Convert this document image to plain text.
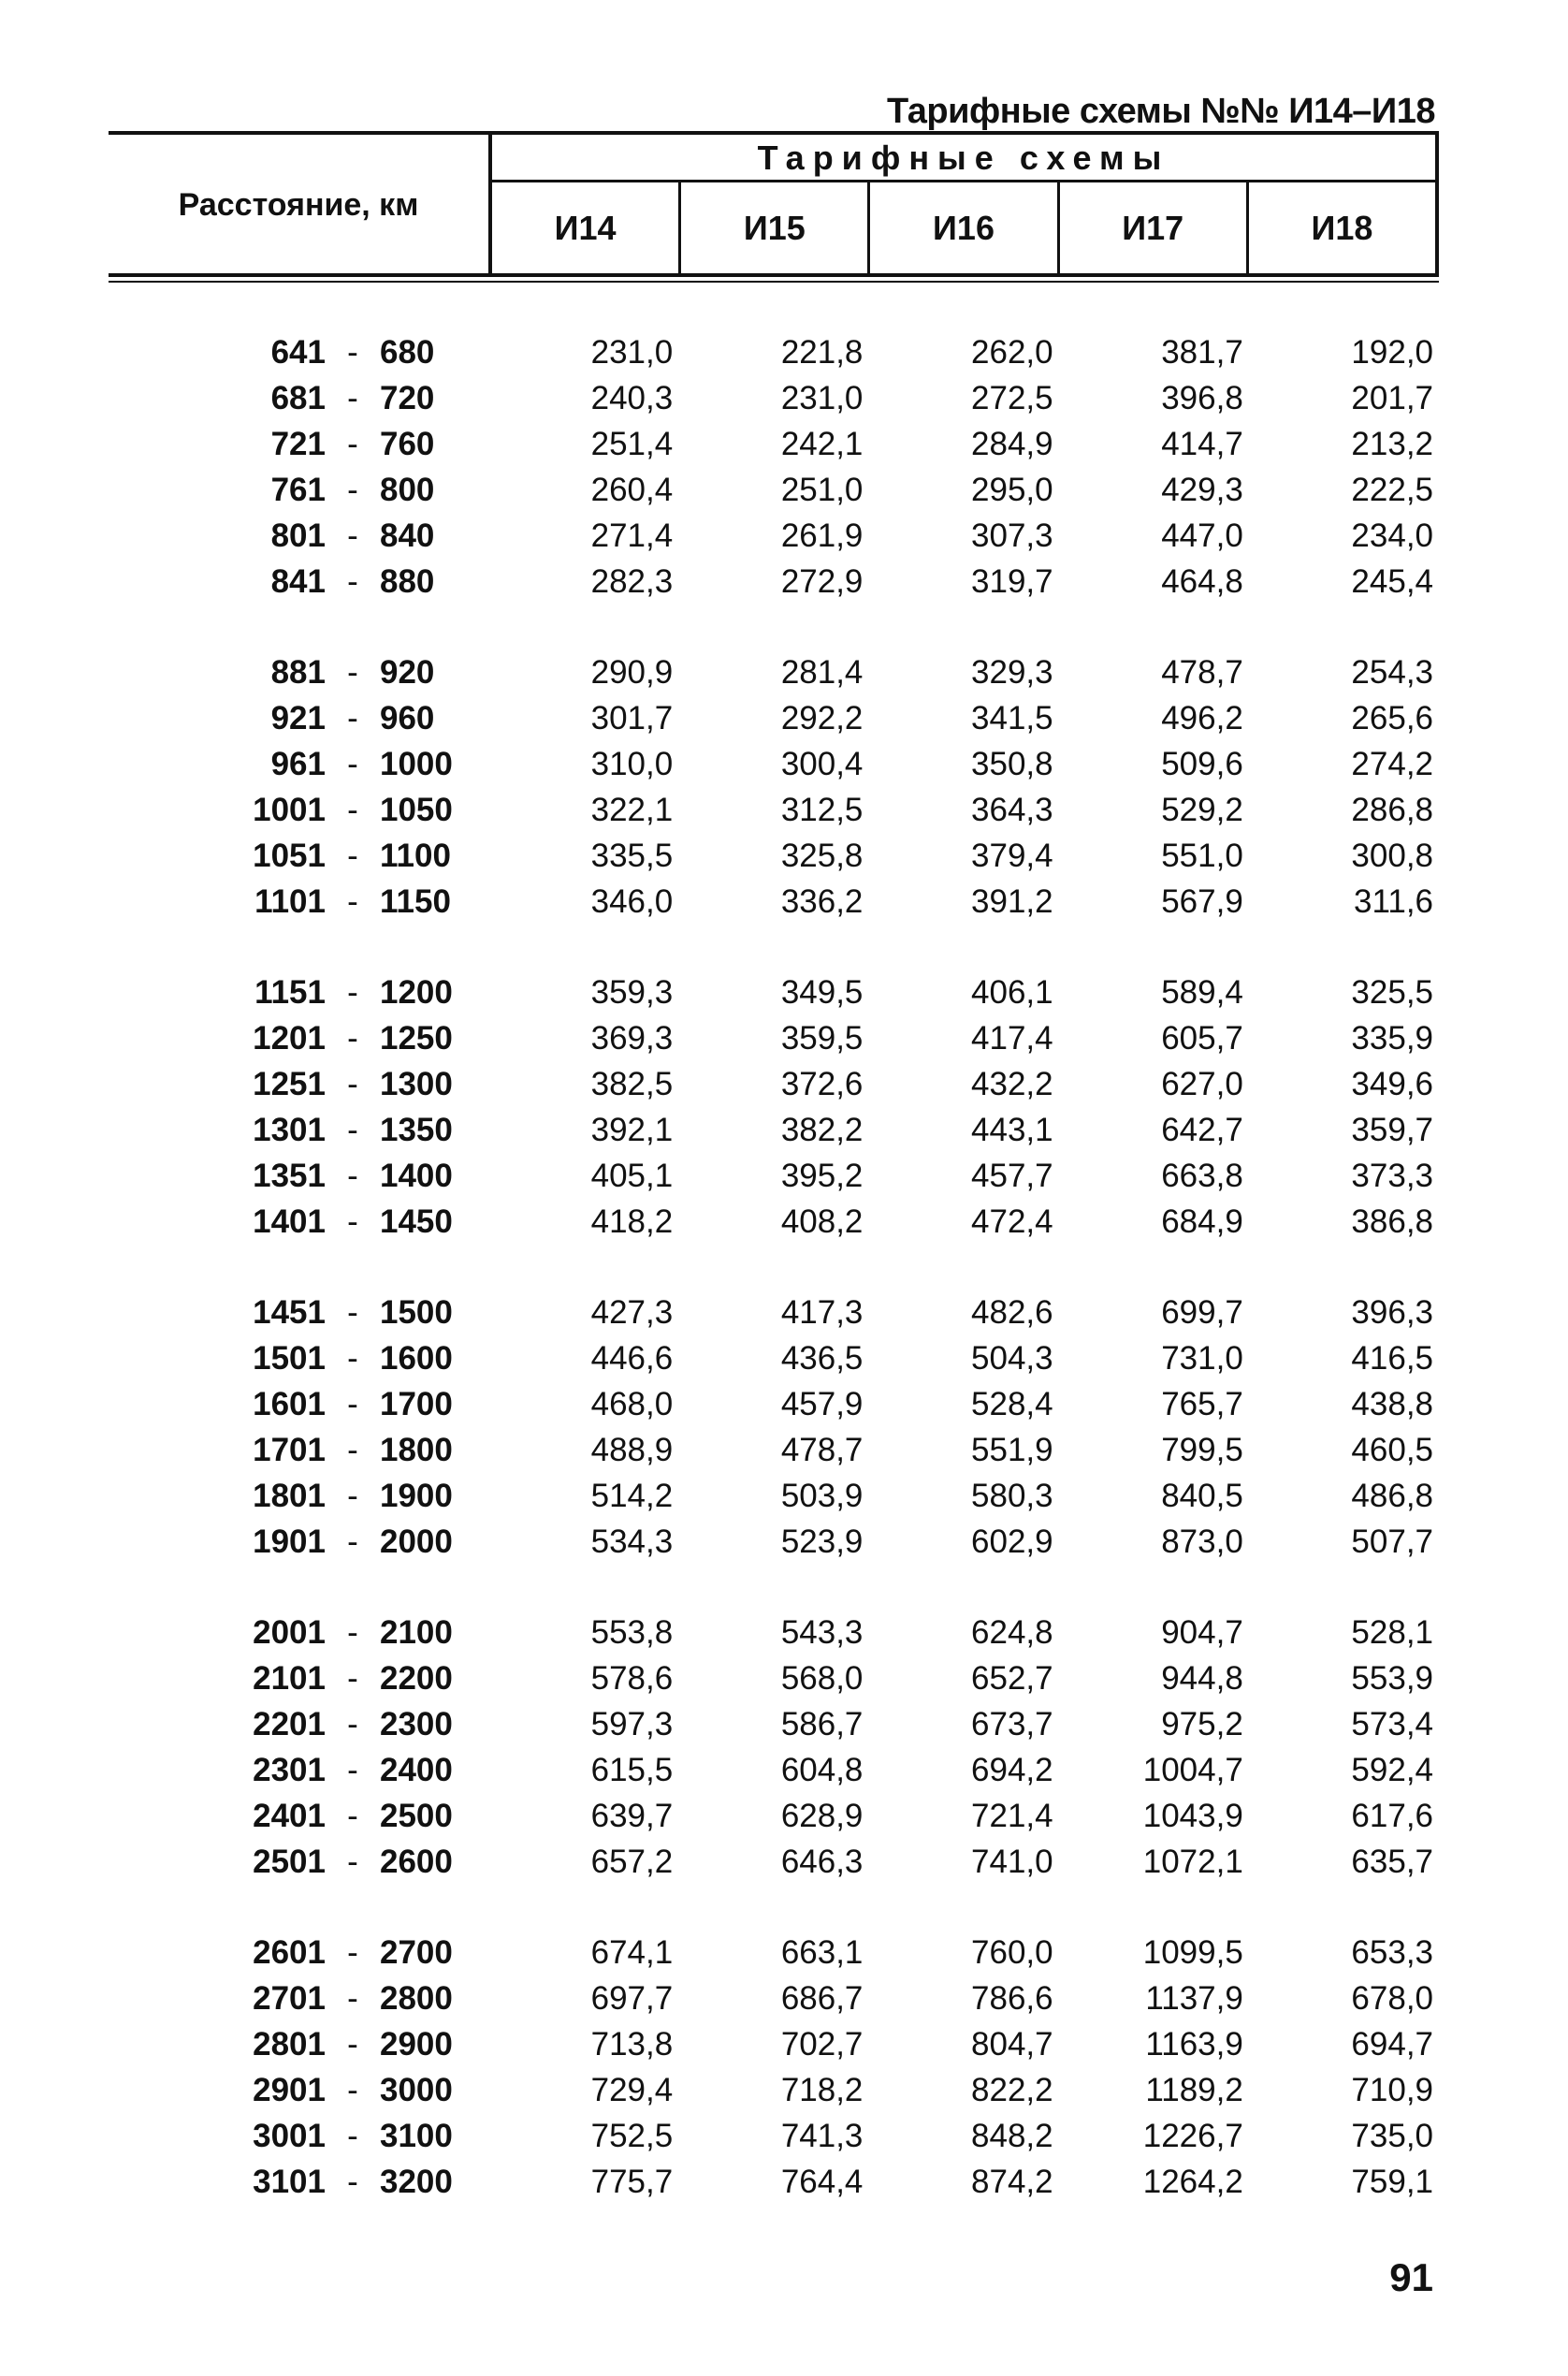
Тарифные схемы №№ И14–И18
Расстояние, км
Тарифные схемы
И14	И15	И16	И17	И18
641 - 680	231,0	221,8	262,0	381,7	192,0
681 - 720	240,3	231,0	272,5	396,8	201,7
721 - 760	251,4	242,1	284,9	414,7	213,2
761 - 800	260,4	251,0	295,0	429,3	222,5
801 - 840	271,4	261,9	307,3	447,0	234,0
841 - 880	282,3	272,9	319,7	464,8	245,4
881 - 920	290,9	281,4	329,3	478,7	254,3
921 - 960	301,7	292,2	341,5	496,2	265,6
961 - 1000	310,0	300,4	350,8	509,6	274,2
1001 - 1050	322,1	312,5	364,3	529,2	286,8
1051 - 1100	335,5	325,8	379,4	551,0	300,8
1101 - 1150	346,0	336,2	391,2	567,9	311,6
1151 - 1200	359,3	349,5	406,1	589,4	325,5
1201 - 1250	369,3	359,5	417,4	605,7	335,9
1251 - 1300	382,5	372,6	432,2	627,0	349,6
1301 - 1350	392,1	382,2	443,1	642,7	359,7
1351 - 1400	405,1	395,2	457,7	663,8	373,3
1401 - 1450	418,2	408,2	472,4	684,9	386,8
1451 - 1500	427,3	417,3	482,6	699,7	396,3
1501 - 1600	446,6	436,5	504,3	731,0	416,5
1601 - 1700	468,0	457,9	528,4	765,7	438,8
1701 - 1800	488,9	478,7	551,9	799,5	460,5
1801 - 1900	514,2	503,9	580,3	840,5	486,8
1901 - 2000	534,3	523,9	602,9	873,0	507,7
2001 - 2100	553,8	543,3	624,8	904,7	528,1
2101 - 2200	578,6	568,0	652,7	944,8	553,9
2201 - 2300	597,3	586,7	673,7	975,2	573,4
2301 - 2400	615,5	604,8	694,2	1004,7	592,4
2401 - 2500	639,7	628,9	721,4	1043,9	617,6
2501 - 2600	657,2	646,3	741,0	1072,1	635,7
2601 - 2700	674,1	663,1	760,0	1099,5	653,3
2701 - 2800	697,7	686,7	786,6	1137,9	678,0
2801 - 2900	713,8	702,7	804,7	1163,9	694,7
2901 - 3000	729,4	718,2	822,2	1189,2	710,9
3001 - 3100	752,5	741,3	848,2	1226,7	735,0
3101 - 3200	775,7	764,4	874,2	1264,2	759,1
91
